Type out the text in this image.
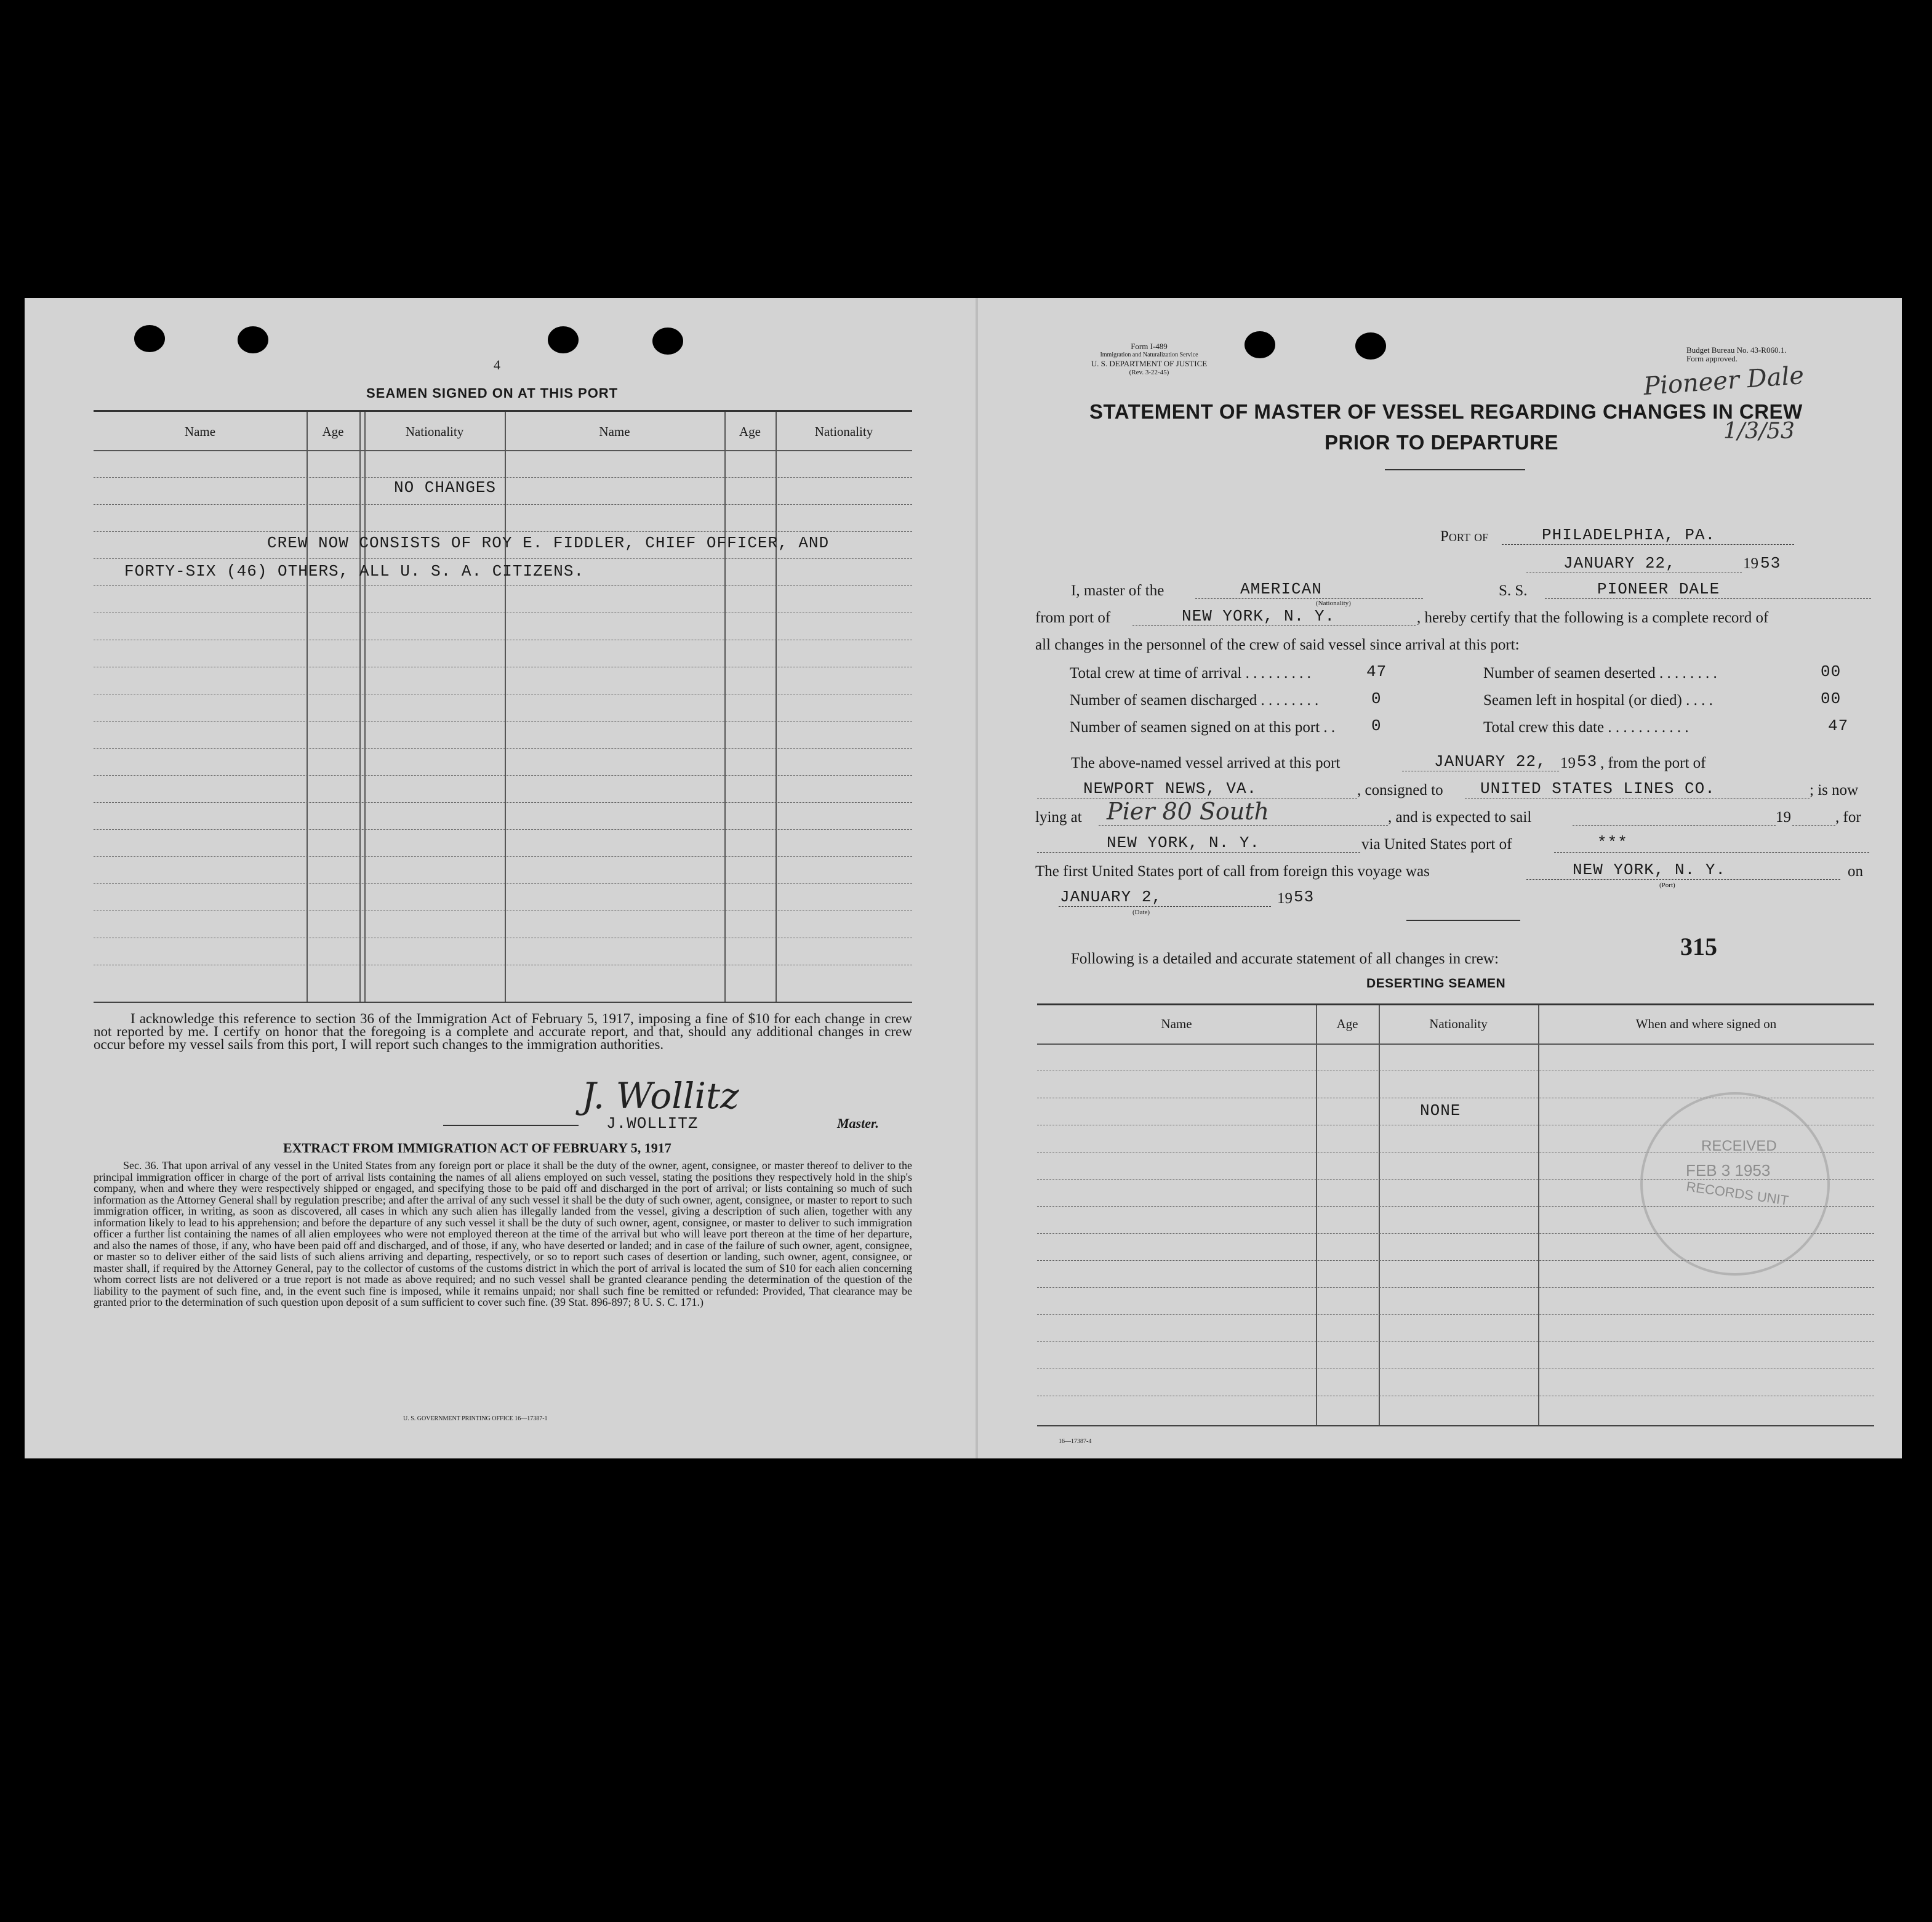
4
SEAMEN SIGNED ON AT THIS PORT
Name	Age	Nationality	Name	Age	Nationality
NO CHANGES
CREW NOW CONSISTS OF ROY E. FIDDLER, CHIEF OFFICER, AND
FORTY-SIX (46) OTHERS, ALL U. S. A. CITIZENS.
I acknowledge this reference to section 36 of the Immigration Act of February 5, 1917, imposing a fine of $10 for each change in crew not reported by me. I certify on honor that the foregoing is a complete and accurate report, and that, should any additional changes in crew occur before my vessel sails from this port, I will report such changes to the immigration authorities.
J. Wollitz
J.WOLLITZ	Master.
EXTRACT FROM IMMIGRATION ACT OF FEBRUARY 5, 1917
Sec. 36. That upon arrival of any vessel in the United States from any foreign port or place it shall be the duty of the owner, agent, consignee, or master thereof to deliver to the principal immigration officer in charge of the port of arrival lists containing the names of all aliens employed on such vessel, stating the positions they respectively hold in the ship's company, when and where they were respectively shipped or engaged, and specifying those to be paid off and discharged in the port of arrival; or lists containing so much of such information as the Attorney General shall by regulation prescribe; and after the arrival of any such vessel it shall be the duty of such owner, agent, consignee, or master to report to such immigration officer, in writing, as soon as discovered, all cases in which any such alien has illegally landed from the vessel, giving a description of such alien, together with any information likely to lead to his apprehension; and before the departure of any such vessel it shall be the duty of such owner, agent, consignee, or master to deliver to such immigration officer a further list containing the names of all alien employees who were not employed thereon at the time of the arrival but who will leave port thereon at the time of her departure, and also the names of those, if any, who have been paid off and discharged, and of those, if any, who have deserted or landed; and in case of the failure of such owner, agent, consignee, or master so to deliver either of the said lists of such aliens arriving and departing, respectively, or so to report such cases of desertion or landing, such owner, agent, consignee, or master shall, if required by the Attorney General, pay to the collector of customs of the customs district in which the port of arrival is located the sum of $10 for each alien concerning whom correct lists are not delivered or a true report is not made as above required; and no such vessel shall be granted clearance pending the determination of the question of the liability to the payment of such fine, and, in the event such fine is imposed, while it remains unpaid; nor shall such fine be remitted or refunded: Provided, That clearance may be granted prior to the determination of such question upon deposit of a sum sufficient to cover such fine. (39 Stat. 896-897; 8 U. S. C. 171.)
U. S. GOVERNMENT PRINTING OFFICE 16—17387-1
Form I-489
Immigration and Naturalization Service
U. S. DEPARTMENT OF JUSTICE
(Rev. 3-22-45)
Budget Bureau No. 43-R060.1.
Form approved.
Pioneer Dale
1/3/53
STATEMENT OF MASTER OF VESSEL REGARDING CHANGES IN CREW
PRIOR TO DEPARTURE
Port of	PHILADELPHIA, PA.
JANUARY 22,	19 53
I, master of the	AMERICAN
(Nationality)
S. S.	PIONEER DALE
from port of	NEW YORK, N. Y.	, hereby certify that the following is a complete record of
all changes in the personnel of the crew of said vessel since arrival at this port:
Total crew at time of arrival . . . . . . . . .	47	Number of seamen deserted . . . . . . . .	00
Number of seamen discharged . . . . . . . .	0	Seamen left in hospital (or died) . . . .	00
Number of seamen signed on at this port . . 0	Total crew this date . . . . . . . . . . .	47
The above-named vessel arrived at this port	JANUARY 22, 19 53 , from the port of
NEWPORT NEWS, VA.	, consigned to UNITED STATES LINES CO.	; is now
lying at Pier 80 South	, and is expected to sail	19	, for
NEW YORK, N. Y.	via United States port of	***
The first United States port of call from foreign this voyage was	NEW YORK, N. Y.
(Port)
on
JANUARY 2,
(Date)
19 53
Following is a detailed and accurate statement of all changes in crew:	315
DESERTING SEAMEN
Name	Age	Nationality	When and where signed on
NONE
RECEIVED
FEB 3 1953
RECORDS UNIT
16—17387-4
